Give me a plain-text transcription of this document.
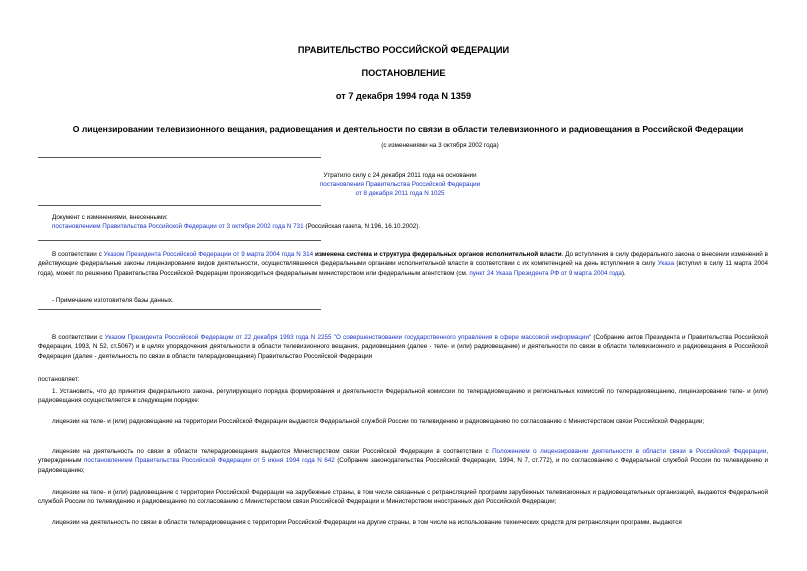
ПРАВИТЕЛЬСТВО РОССИЙСКОЙ ФЕДЕРАЦИИ
ПОСТАНОВЛЕНИЕ
от 7 декабря 1994 года N 1359
О лицензировании телевизионного вещания, радиовещания и деятельности по связи в области телевизионного и радиовещания в Российской Федерации
(с изменениями на 3 октября 2002 года)
Утратило силу с 24 декабря 2011 года на основании
постановления Правительства Российской Федерации
от 8 декабря 2011 года N 1025
Документ с изменениями, внесенными:
постановлением Правительства Российской Федерации от 3 октября 2002 года N 731 (Российская газета, N 196, 16.10.2002).
В соответствии с Указом Президента Российской Федерации от 9 марта 2004 года N 314 изменена система и структура федеральных органов исполнительной власти. До вступления в силу федерального закона о внесении изменений в действующие федеральные законы лицензирование видов деятельности, осуществлявшееся федеральными органами исполнительной власти в соответствии с их компетенцией на день вступления в силу Указа (вступил в силу 11 марта 2004 года), может по решению Правительства Российской Федерации производиться федеральным министерством или федеральным агентством (см. пункт 24 Указа Президента РФ от 9 марта 2004 года).
- Примечание изготовителя базы данных.
В соответствии с Указом Президента Российской Федерации от 22 декабря 1993 года N 2255 "О совершенствовании государственного управления в сфере массовой информации" (Собрание актов Президента и Правительства Российской Федерации, 1993, N 52, ст.5067) и в целях упорядочения деятельности в области телевизионного вещания, радиовещания (далее - теле- и (или) радиовещание) и деятельности по связи в области телевизионного и радиовещания в Российской Федерации (далее - деятельность по связи в области телерадиовещания) Правительство Российской Федерации
постановляет:
1. Установить, что до принятия федерального закона, регулирующего порядка формирования и деятельности Федеральной комиссии по телерадиовещанию и региональных комиссий по телерадиовещанию, лицензирование теле- и (или) радиовещания осуществляется в следующем порядке:
лицензии на теле- и (или) радиовещание на территории Российской Федерации выдаются Федеральной службой России по телевидению и радиовещанию по согласованию с Министерством связи Российской Федерации;
лицензии на деятельность по связи в области телерадиовещания выдаются Министерством связи Российской Федерации в соответствии с Положением о лицензировании деятельности в области связи в Российской Федерации, утвержденным постановлением Правительства Российской Федерации от 5 июня 1994 года N 642 (Собрание законодательства Российской Федерации, 1994, N 7, ст.772), и по согласованию с Федеральной службой России по телевидению и радиовещанию;
лицензии на теле- и (или) радиовещание с территории Российской Федерации на зарубежные страны, в том числе связанные с ретрансляцией программ зарубежных телевизионных и радиовещательных организаций, выдаются Федеральной службой России по телевидению и радиовещанию по согласованию с Министерством связи Российской Федерации и Министерством иностранных дел Российской Федерации;
лицензии на деятельность по связи в области телерадиовещания с территории Российской Федерации на другие страны, в том числе на использование технических средств для ретрансляции программ, выдаются
